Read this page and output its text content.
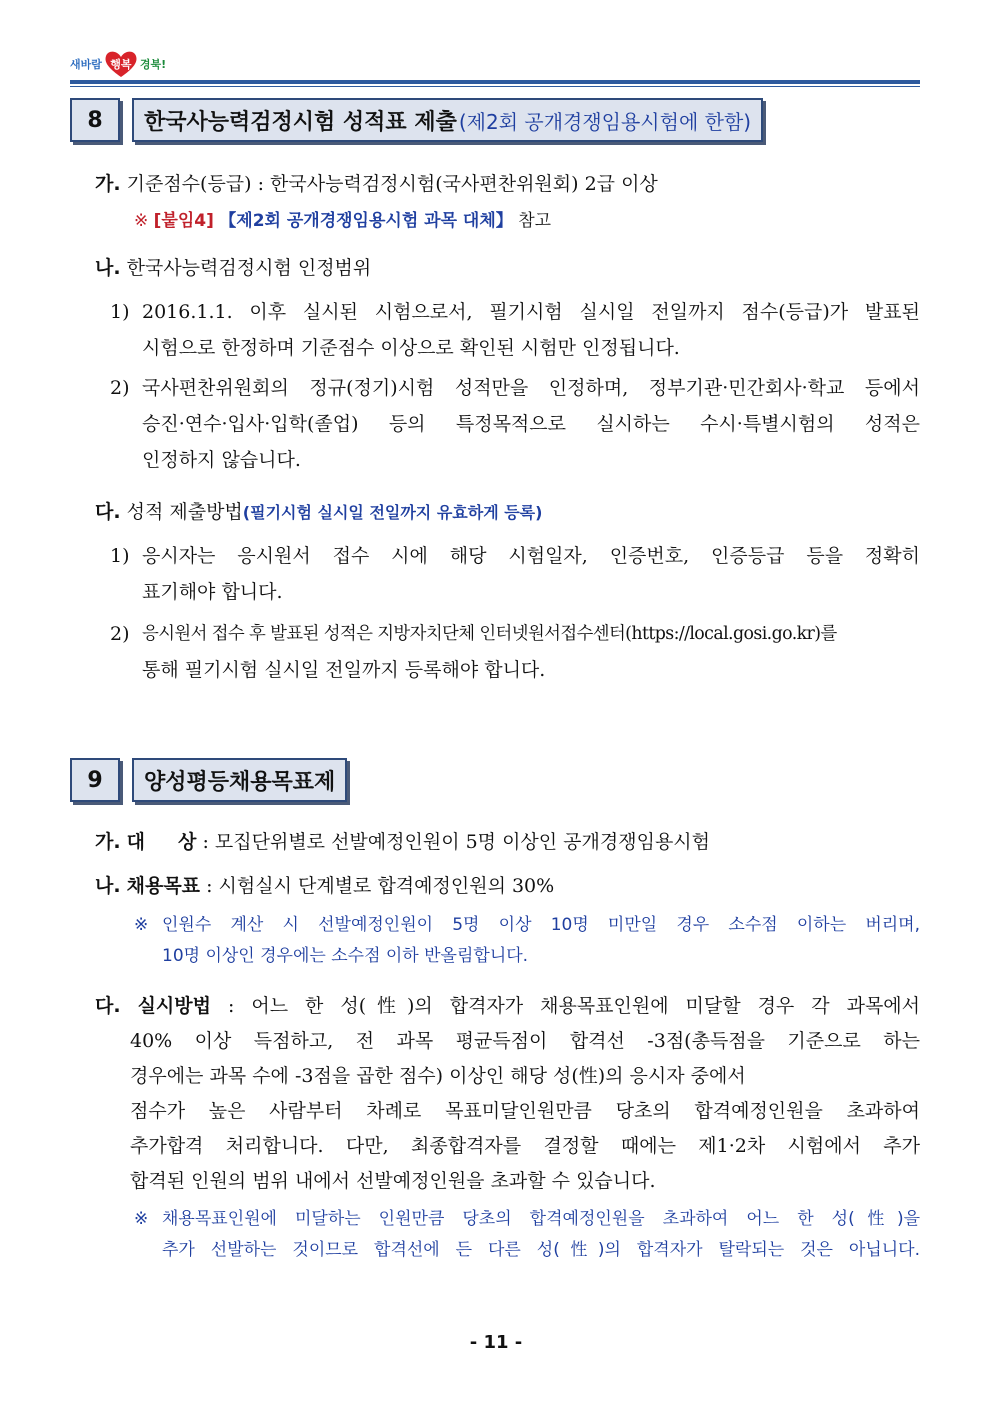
새바람 행복 경북!
8	한국사능력검정시험 성적표 제출 (제2회 공개경쟁임용시험에 한함)
가. 기준점수(등급) : 한국사능력검정시험(국사편찬위원회) 2급 이상
※ [붙임4] 【제2회 공개경쟁임용시험 과목 대체】 참고
나. 한국사능력검정시험 인정범위
1) 2016.1.1. 이후 실시된 시험으로서, 필기시험 실시일 전일까지 점수(등급)가 발표된
시험으로 한정하며 기준점수 이상으로 확인된 시험만 인정됩니다.
2) 국사편찬위원회의 정규(정기)시험 성적만을 인정하며, 정부기관·민간회사·학교 등에서
승진·연수·입사·입학(졸업) 등의 특정목적으로 실시하는 수시·특별시험의 성적은
인정하지 않습니다.
다. 성적 제출방법(필기시험 실시일 전일까지 유효하게 등록)
1) 응시자는 응시원서 접수 시에 해당 시험일자, 인증번호, 인증등급 등을 정확히
표기해야 합니다.
2) 응시원서 접수 후 발표된 성적은 지방자치단체 인터넷원서접수센터(https://local.gosi.go.kr)를
통해 필기시험 실시일 전일까지 등록해야 합니다.
9	양성평등채용목표제
가. 대     상 : 모집단위별로 선발예정인원이 5명 이상인 공개경쟁임용시험
나. 채용목표 : 시험실시 단계별로 합격예정인원의 30%
※ 인원수 계산 시 선발예정인원이 5명 이상 10명 미만일 경우 소수점 이하는 버리며,
10명 이상인 경우에는 소수점 이하 반올림합니다.
다. 실시방법 : 어느 한 성(性)의 합격자가 채용목표인원에 미달할 경우 각 과목에서
40% 이상 득점하고, 전 과목 평균득점이 합격선 -3점(총득점을 기준으로 하는
경우에는 과목 수에 -3점을 곱한 점수) 이상인 해당 성(性)의 응시자 중에서
점수가 높은 사람부터 차례로 목표미달인원만큼 당초의 합격예정인원을 초과하여
추가합격 처리합니다. 다만, 최종합격자를 결정할 때에는 제1·2차 시험에서 추가
합격된 인원의 범위 내에서 선발예정인원을 초과할 수 있습니다.
※ 채용목표인원에 미달하는 인원만큼 당초의 합격예정인원을 초과하여 어느 한 성(性)을
추가 선발하는 것이므로 합격선에 든 다른 성(性)의 합격자가 탈락되는 것은 아닙니다.
- 11 -
